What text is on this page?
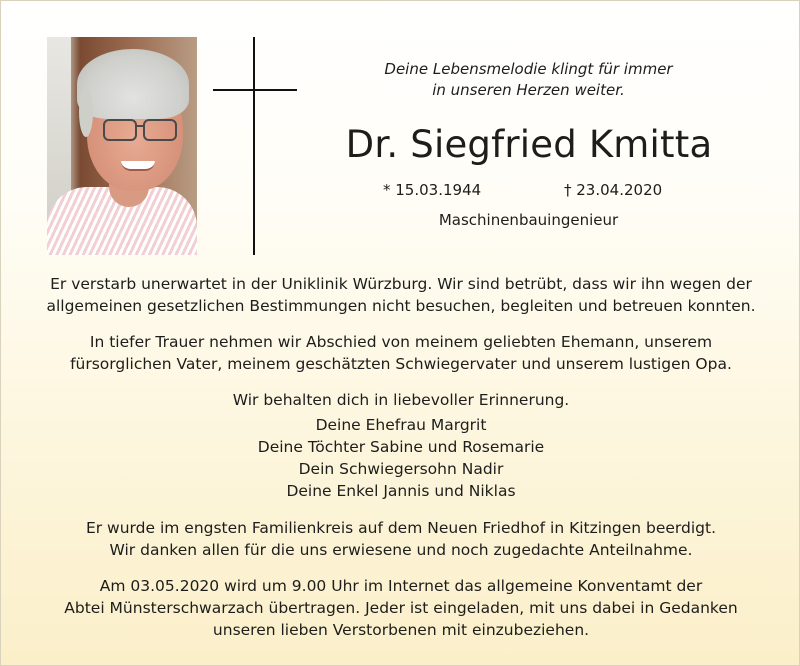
Deine Lebensmelodie klingt für immer
in unseren Herzen weiter.
Dr. Siegfried Kmitta
* 15.03.1944	† 23.04.2020
Maschinenbauingenieur
Er verstarb unerwartet in der Uniklinik Würzburg. Wir sind betrübt, dass wir ihn wegen der
allgemeinen gesetzlichen Bestimmungen nicht besuchen, begleiten und betreuen konnten.
In tiefer Trauer nehmen wir Abschied von meinem geliebten Ehemann, unserem
fürsorglichen Vater, meinem geschätzten Schwiegervater und unserem lustigen Opa.
Wir behalten dich in liebevoller Erinnerung.
Deine Ehefrau Margrit
Deine Töchter Sabine und Rosemarie
Dein Schwiegersohn Nadir
Deine Enkel Jannis und Niklas
Er wurde im engsten Familienkreis auf dem Neuen Friedhof in Kitzingen beerdigt.
Wir danken allen für die uns erwiesene und noch zugedachte Anteilnahme.
Am 03.05.2020 wird um 9.00 Uhr im Internet das allgemeine Konventamt der
Abtei Münsterschwarzach übertragen. Jeder ist eingeladen, mit uns dabei in Gedanken
unseren lieben Verstorbenen mit einzubeziehen.
